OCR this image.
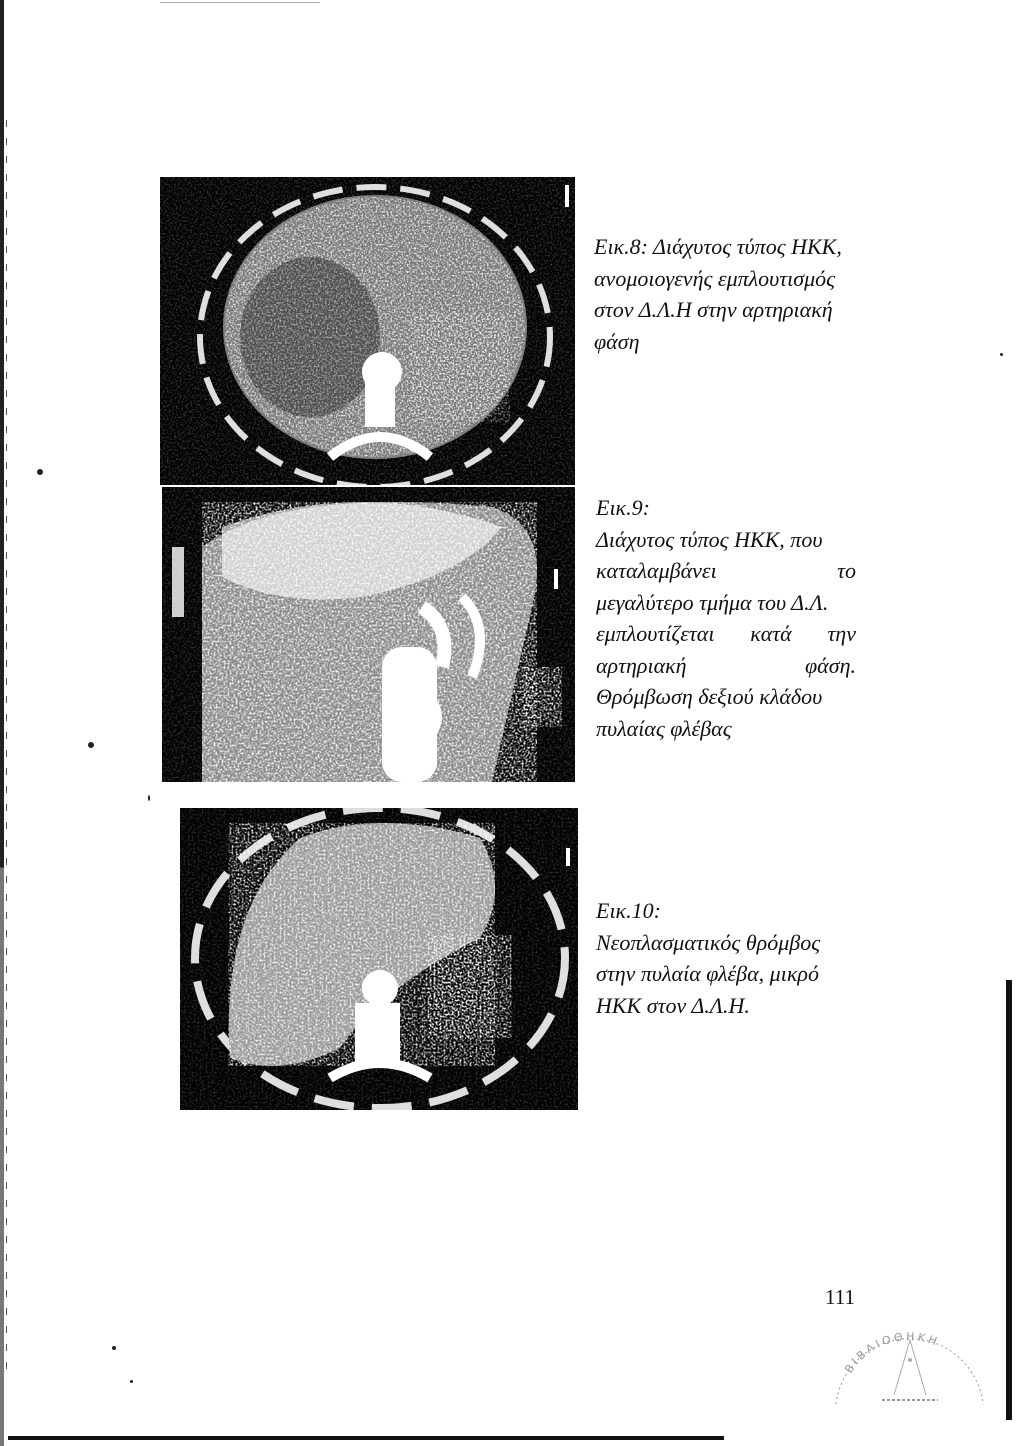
Εικ.8: Διάχυτος τύπος ΗΚΚ,
ανομοιογενής εμπλουτισμός
στον Δ.Λ.Η στην αρτηριακή
φάση
Εικ.9:
Διάχυτος τύπος ΗΚΚ, που
καταλαμβάνει	το
μεγαλύτερο τμήμα του Δ.Λ.
εμπλουτίζεται κατά την
αρτηριακή	φάση.
Θρόμβωση δεξιού κλάδου
πυλαίας φλέβας
Εικ.10:
Νεοπλασματικός θρόμβος
στην πυλαία φλέβα, μικρό
ΗΚΚ στον Δ.Λ.Η.
111
ΒΙΒΛΙΟΘΗΚΗ
